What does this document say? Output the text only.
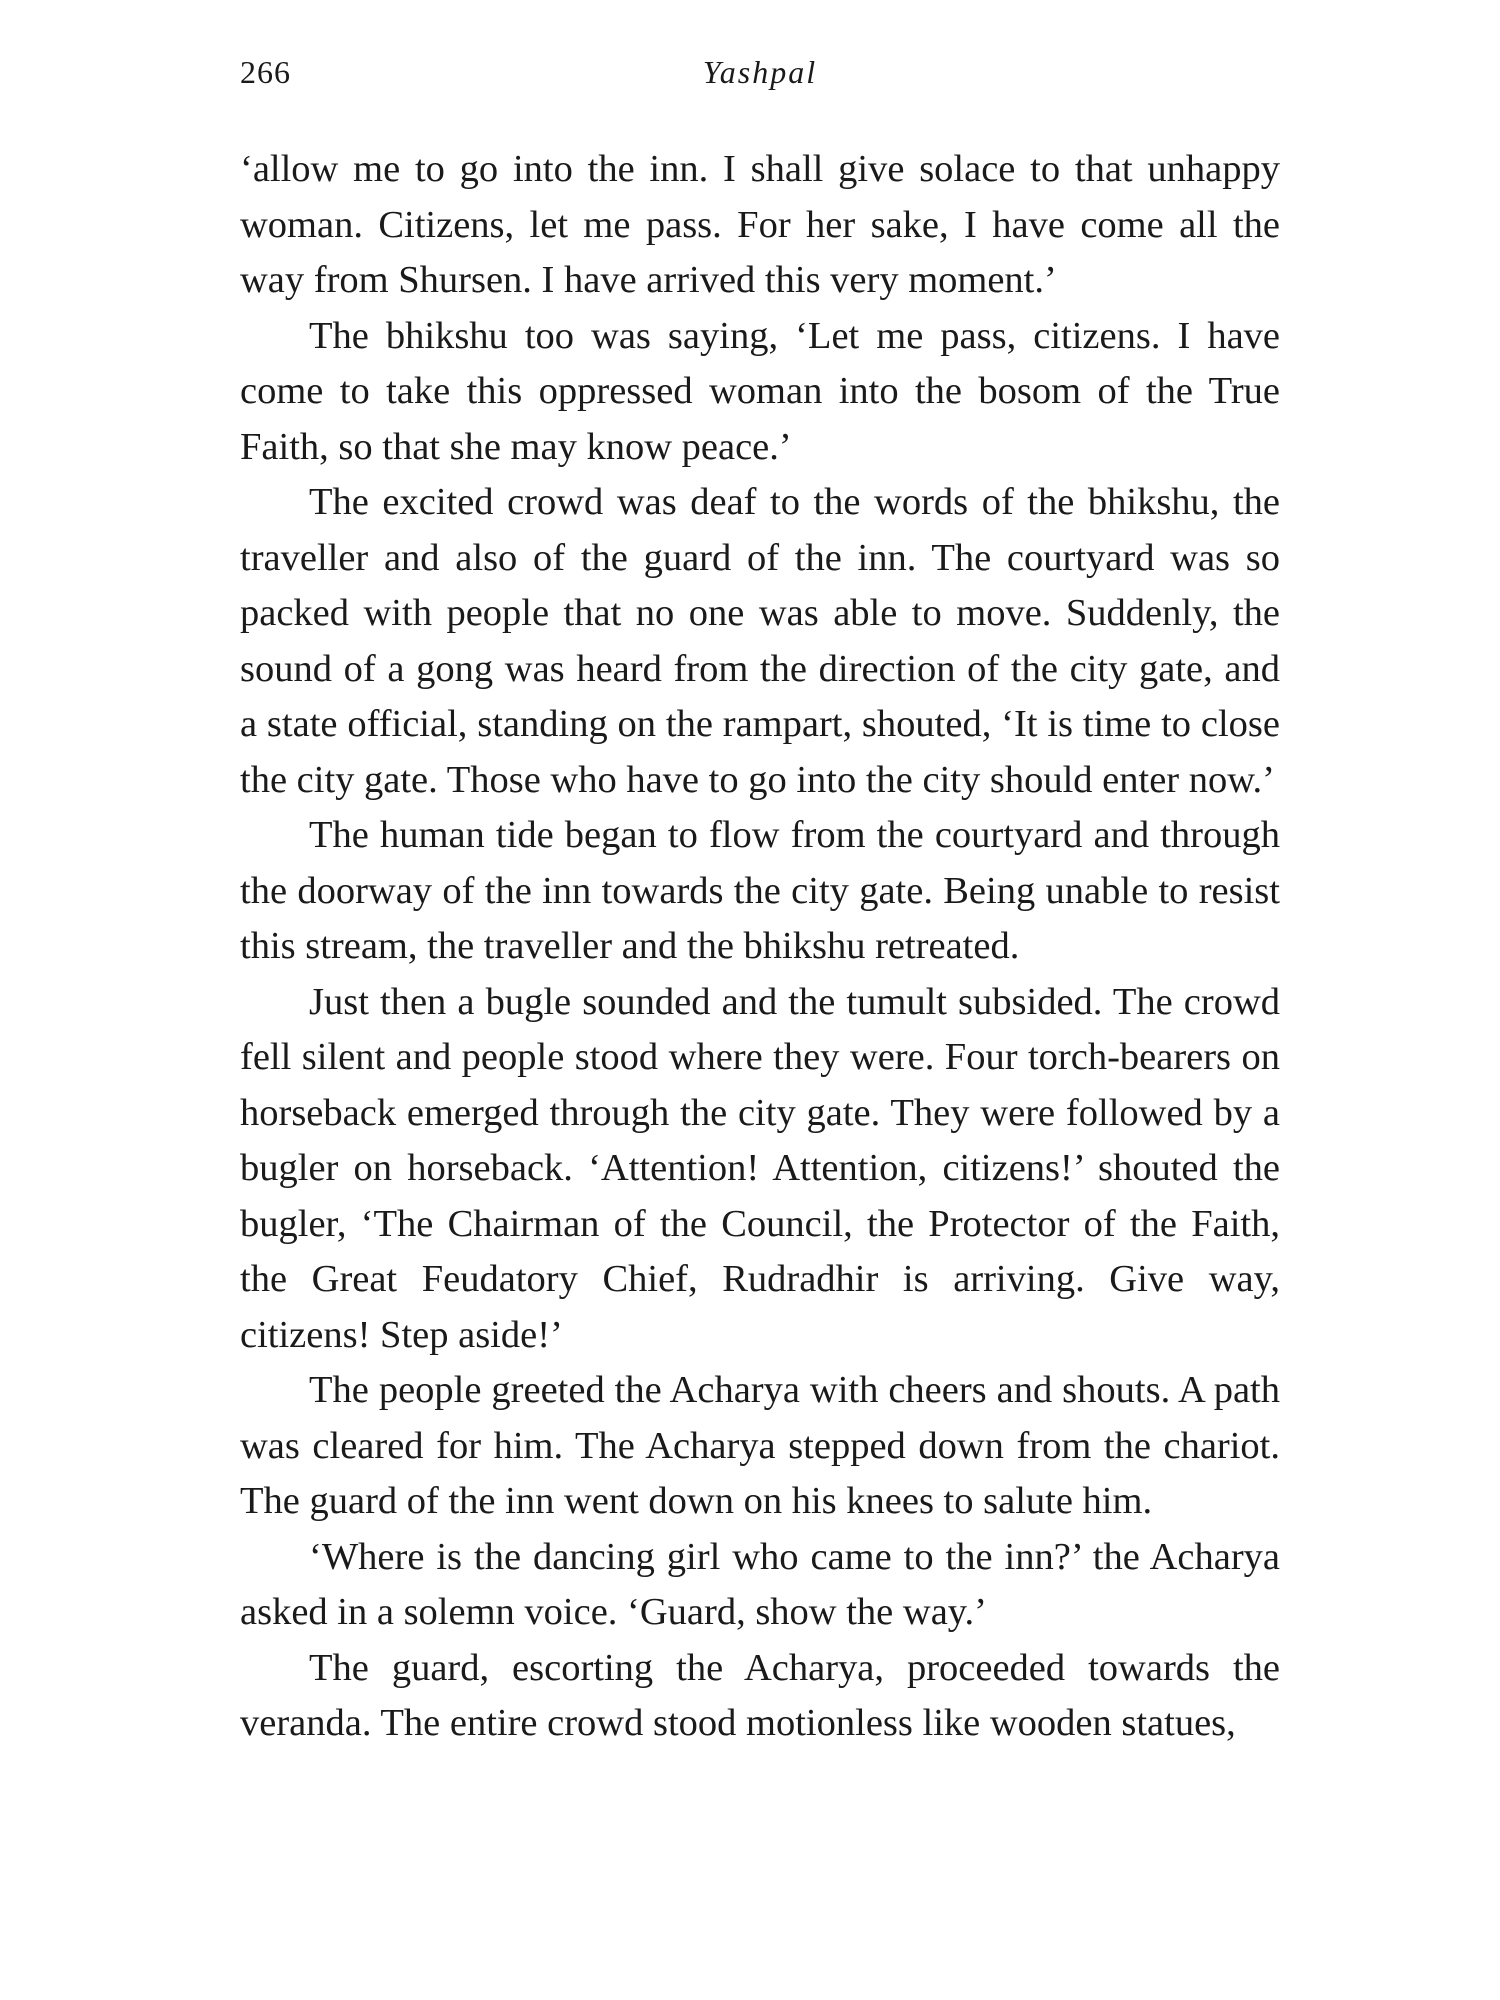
266	Yashpal

‘allow me to go into the inn. I shall give solace to that unhappy woman. Citizens, let me pass. For her sake, I have come all the way from Shursen. I have arrived this very moment.’

The bhikshu too was saying, ‘Let me pass, citizens. I have come to take this oppressed woman into the bosom of the True Faith, so that she may know peace.’

The excited crowd was deaf to the words of the bhikshu, the traveller and also of the guard of the inn. The courtyard was so packed with people that no one was able to move. Suddenly, the sound of a gong was heard from the direction of the city gate, and a state official, standing on the rampart, shouted, ‘It is time to close the city gate. Those who have to go into the city should enter now.’

The human tide began to flow from the courtyard and through the doorway of the inn towards the city gate. Being unable to resist this stream, the traveller and the bhikshu retreated.

Just then a bugle sounded and the tumult subsided. The crowd fell silent and people stood where they were. Four torch-bearers on horseback emerged through the city gate. They were followed by a bugler on horseback. ‘Attention! Attention, citizens!’ shouted the bugler, ‘The Chairman of the Council, the Protector of the Faith, the Great Feudatory Chief, Rudradhir is arriving. Give way, citizens! Step aside!’

The people greeted the Acharya with cheers and shouts. A path was cleared for him. The Acharya stepped down from the chariot. The guard of the inn went down on his knees to salute him.

‘Where is the dancing girl who came to the inn?’ the Acharya asked in a solemn voice. ‘Guard, show the way.’

The guard, escorting the Acharya, proceeded towards the veranda. The entire crowd stood motionless like wooden statues,
